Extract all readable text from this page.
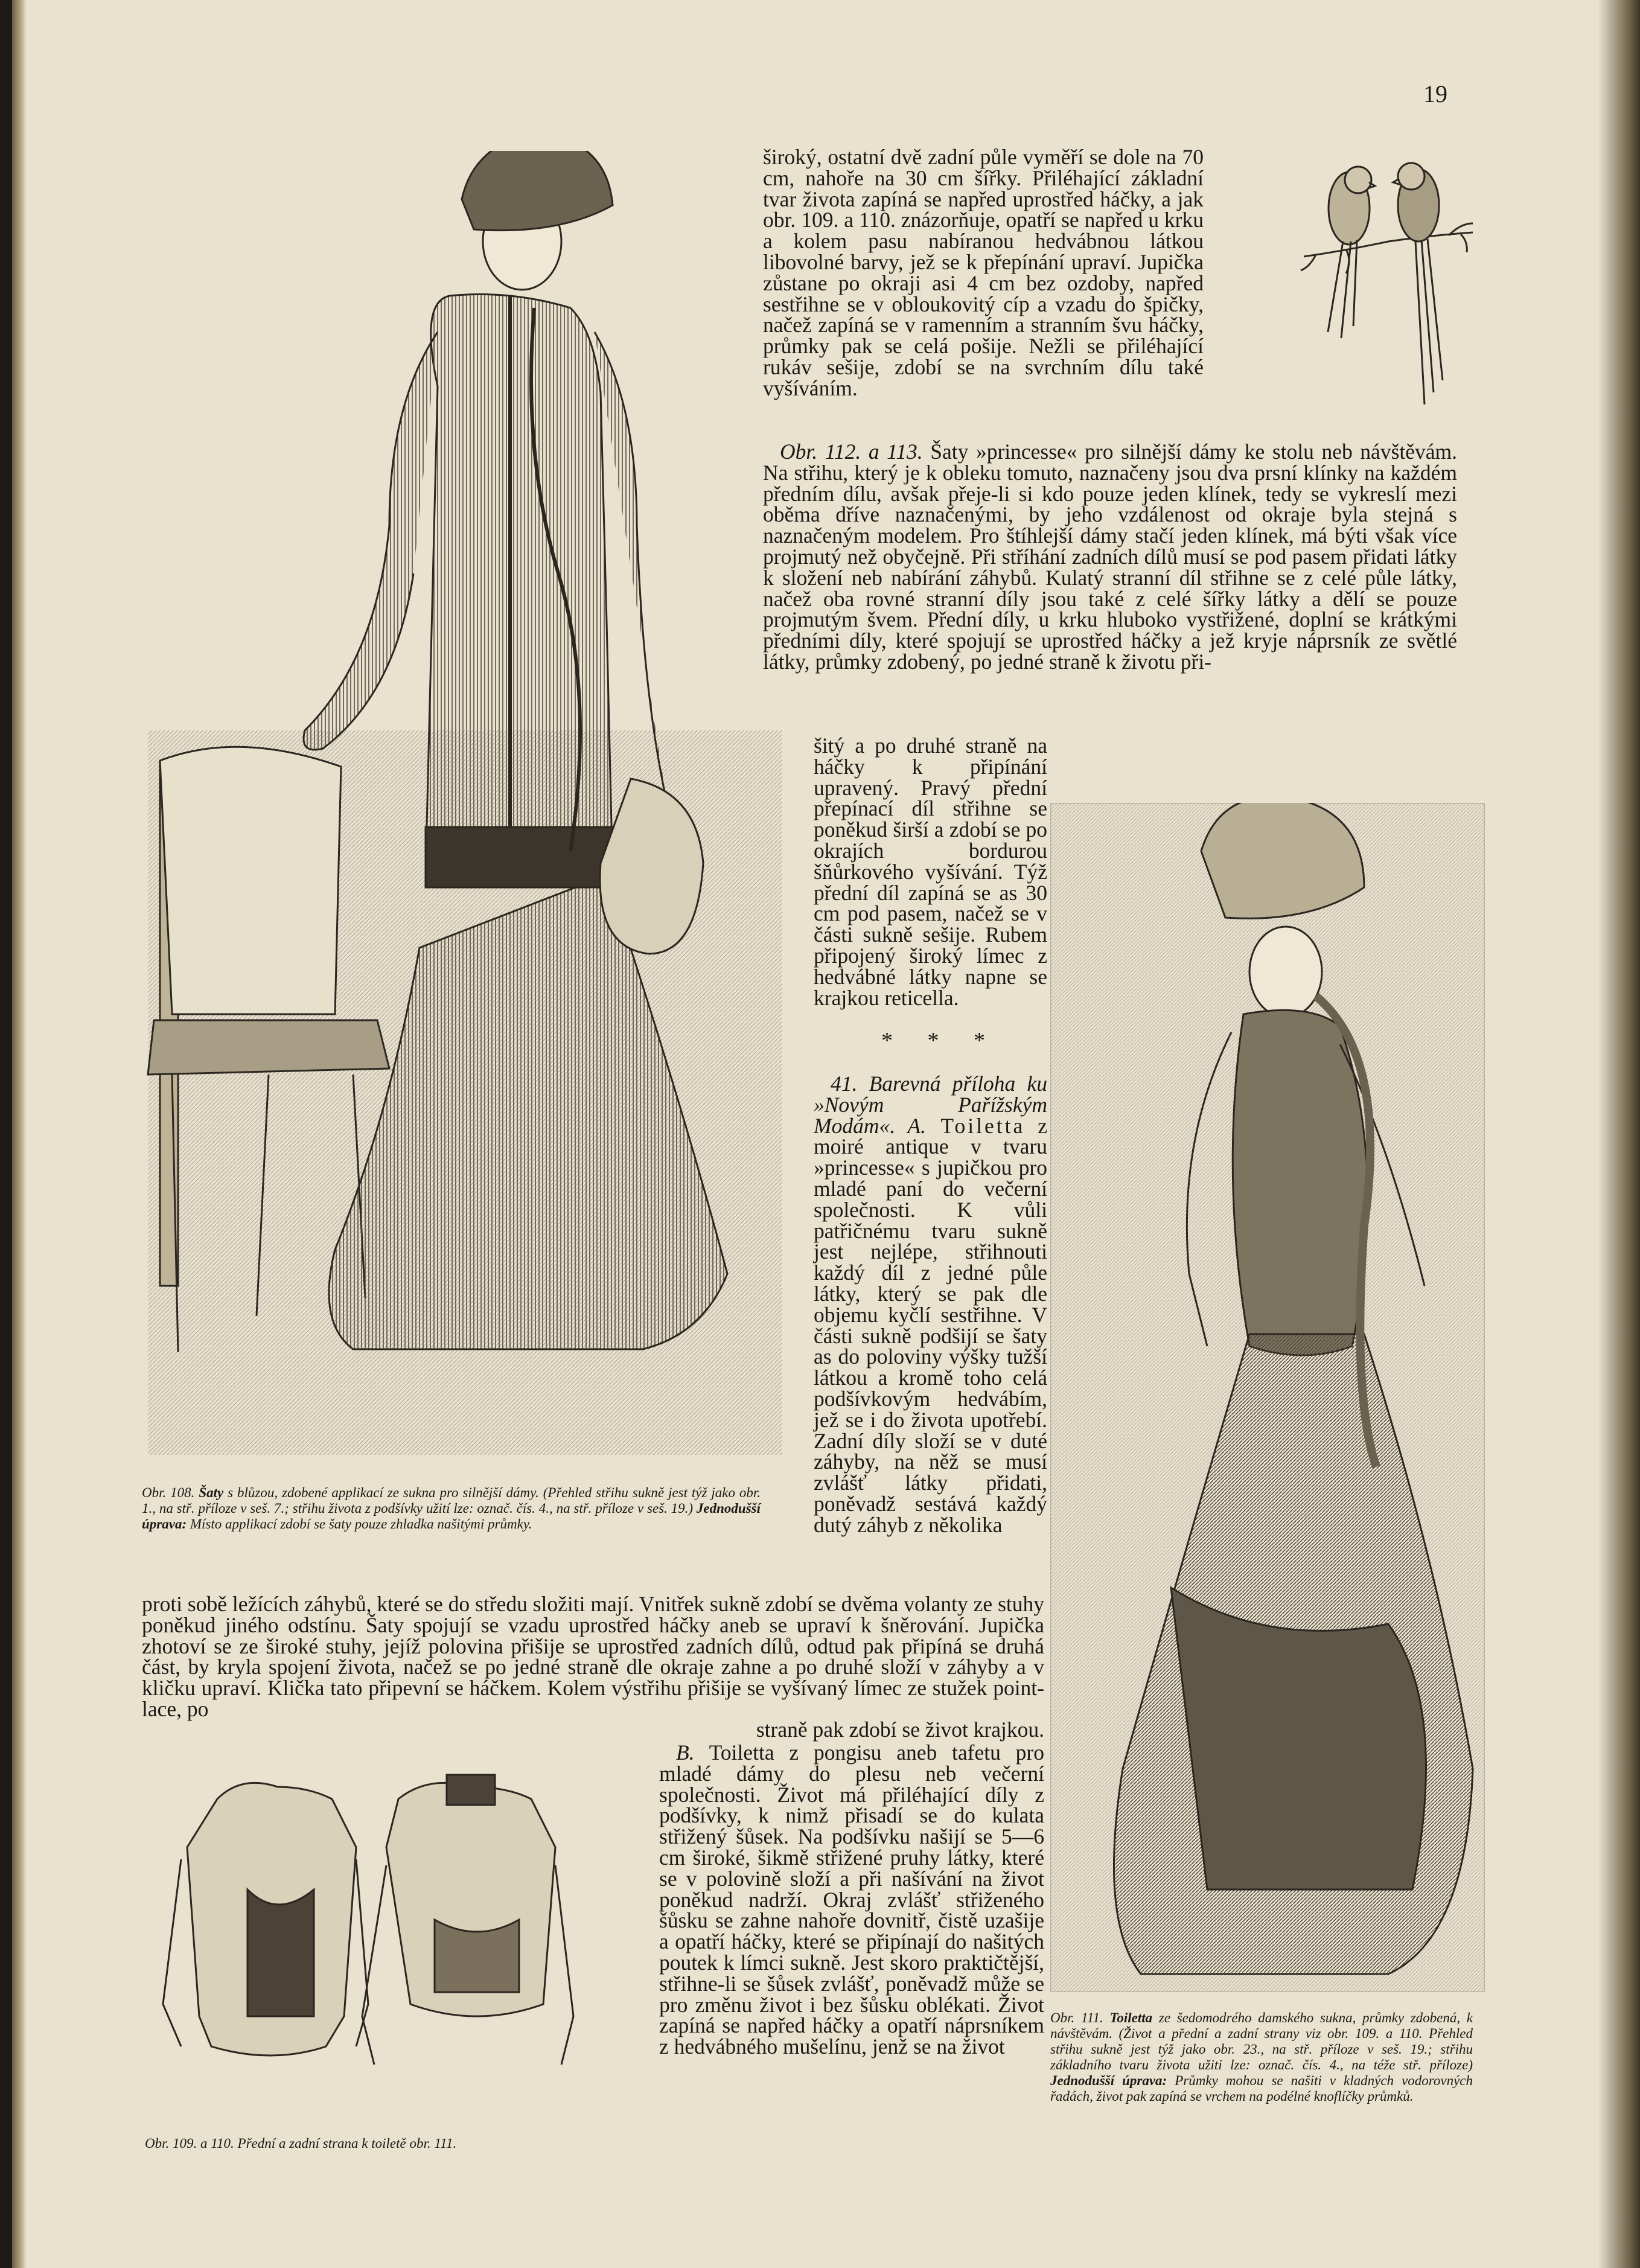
19

široký, ostatní dvě zadní půle vyměří se dole na 70 cm, nahoře na 30 cm šířky. Přiléhající základní tvar života zapíná se napřed uprostřed háčky, a jak obr. 109. a 110. znázorňuje, opatří se napřed u krku a kolem pasu nabíranou hedvábnou látkou libovolné barvy, jež se k přepínání upraví. Jupička zůstane po okraji asi 4 cm bez ozdoby, napřed sestřihne se v obloukovitý cíp a vzadu do špičky, načež zapíná se v ramenním a stranním švu háčky, průmky pak se celá pošije. Nežli se přiléhající rukáv sešije, zdobí se na svrchním dílu také vyšíváním.

Obr. 112. a 113. Šaty »princesse« pro silnější dámy ke stolu neb návštěvám. Na střihu, který je k obleku tomuto, naznačeny jsou dva prsní klínky na každém předním dílu, avšak přeje-li si kdo pouze jeden klínek, tedy se vykreslí mezi oběma dříve naznačenými, by jeho vzdálenost od okraje byla stejná s naznačeným modelem. Pro štíhlejší dámy stačí jeden klínek, má býti však více projmutý než obyčejně. Při stříhání zadních dílů musí se pod pasem přidati látky k složení neb nabírání záhybů. Kulatý stranní díl střihne se z celé půle látky, načež oba rovné stranní díly jsou také z celé šířky látky a dělí se pouze projmutým švem. Přední díly, u krku hluboko vystřižené, doplní se krátkými předními díly, které spojují se uprostřed háčky a jež kryje náprsník ze světlé látky, průmky zdobený, po jedné straně k životu při-

šitý a po druhé straně na háčky k připínání upravený. Pravý přední přepínací díl střihne se poněkud širší a zdobí se po okrajích bordurou šňůrkového vyšívání. Týž přední díl zapíná se as 30 cm pod pasem, načež se v části sukně sešije. Rubem připojený široký límec z hedvábné látky napne se krajkou reticella.

* * *

41. Barevná příloha ku »Novým Pařížským Modám«. A. Toiletta z moiré antique v tvaru »princesse« s jupičkou pro mladé paní do večerní společnosti. K vůli patřičnému tvaru sukně jest nejlépe, střihnouti každý díl z jedné půle látky, který se pak dle objemu kyčlí sestřihne. V části sukně podšijí se šaty as do poloviny výšky tužší látkou a kromě toho celá podšívkovým hedvábím, jež se i do života upotřebí. Zadní díly složí se v duté záhyby, na něž se musí zvlášť látky přidati, poněvadž sestává každý dutý záhyb z několika

proti sobě ležících záhybů, které se do středu složiti mají. Vnitřek sukně zdobí se dvěma volanty ze stuhy poněkud jiného odstínu. Šaty spojují se vzadu uprostřed háčky aneb se upraví k šněrování. Jupička zhotoví se ze široké stuhy, jejíž polovina přišije se uprostřed zadních dílů, odtud pak připíná se druhá část, by kryla spojení života, načež se po jedné straně dle okraje zahne a po druhé složí v záhyby a v kličku upraví. Klička tato připevní se háčkem. Kolem výstřihu přišije se vyšívaný límec ze stužek point-lace, po

straně pak zdobí se život krajkou.

B. Toiletta z pongisu aneb tafetu pro mladé dámy do plesu neb večerní společnosti. Život má přiléhající díly z podšívky, k nimž přisadí se do kulata střižený šůsek. Na podšívku našijí se 5—6 cm široké, šikmě střižené pruhy látky, které se v polovině složí a při našívání na život poněkud nadrží. Okraj zvlášť střiženého šůsku se zahne nahoře dovnitř, čistě uzašije a opatří háčky, které se připínají do našitých poutek k límci sukně. Jest skoro praktičtější, střihne-li se šůsek zvlášť, poněvadž může se pro změnu život i bez šůsku oblékati. Život zapíná se napřed háčky a opatří náprsníkem z hedvábného mušelínu, jenž se na život

Obr. 108. Šaty s blůzou, zdobené applikací ze sukna pro silnější dámy. (Přehled střihu sukně jest týž jako obr. 1., na stř. příloze v seš. 7.; střihu života z podšívky užití lze: označ. čís. 4., na stř. příloze v seš. 19.) Jednodušší úprava: Místo applikací zdobí se šaty pouze zhladka našitými průmky.
Obr. 109. a 110. Přední a zadní strana k toiletě obr. 111.
Obr. 111. Toiletta ze šedomodrého damského sukna, průmky zdobená, k návštěvám. (Život a přední a zadní strany viz obr. 109. a 110. Přehled střihu sukně jest týž jako obr. 23., na stř. příloze v seš. 19.; střihu základního tvaru života užiti lze: označ. čís. 4., na téže stř. příloze) Jednodušší úprava: Průmky mohou se našiti v kladných vodorovných řadách, život pak zapíná se vrchem na podélné knoflíčky průmků.
